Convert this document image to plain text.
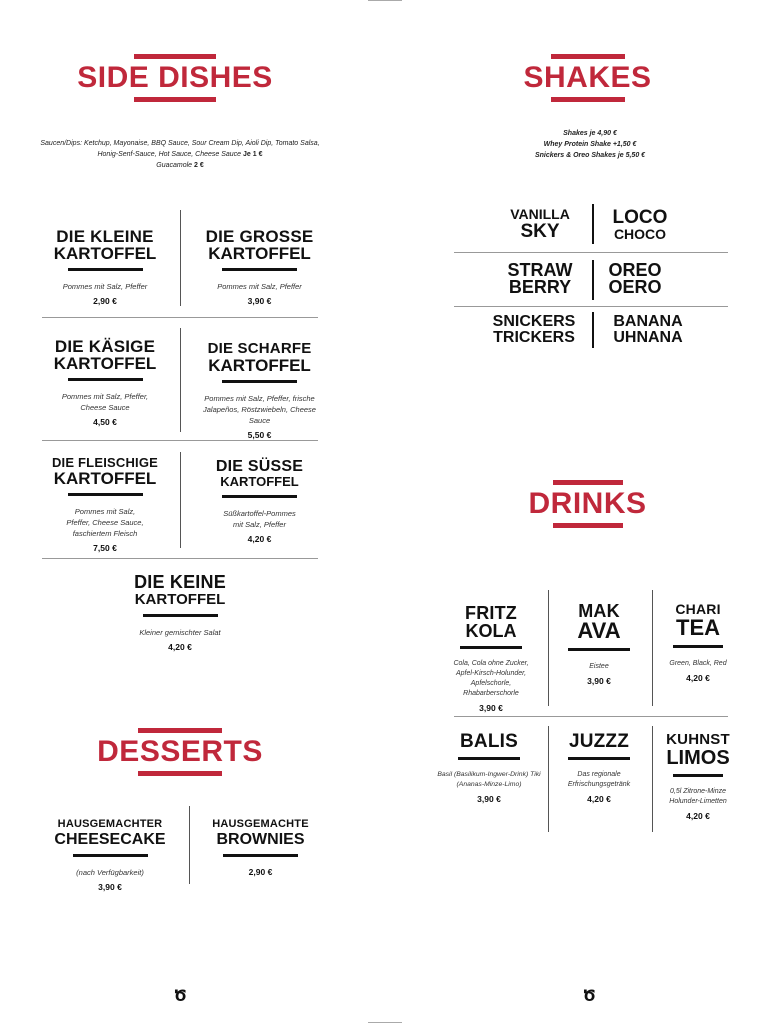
SIDE DISHES
Saucen/Dips: Ketchup, Mayonaise, BBQ Sauce, Sour Cream Dip, Aioli Dip, Tomato Salsa,
Honig-Senf-Sauce, Hot Sauce, Cheese Sauce Je 1 €
Guacamole 2 €
DIE KLEINE
KARTOFFEL
Pommes mit Salz, Pfeffer
2,90 €
DIE GROSSE
KARTOFFEL
Pommes mit Salz, Pfeffer
3,90 €
DIE KÄSIGE
KARTOFFEL
Pommes mit Salz, Pfeffer, Cheese Sauce
4,50 €
DIE SCHARFE
KARTOFFEL
Pommes mit Salz, Pfeffer, frische Jalapeños, Röstzwiebeln, Cheese Sauce
5,50 €
DIE FLEISCHIGE
KARTOFFEL
Pommes mit Salz, Pfeffer, Cheese Sauce, faschiertem Fleisch
7,50 €
DIE SÜSSE
KARTOFFEL
Süßkartoffel-Pommes mit Salz, Pfeffer
4,20 €
DIE KEINE
KARTOFFEL
Kleiner gemischter Salat
4,20 €
DESSERTS
HAUSGEMACHTER
CHEESECAKE
(nach Verfügbarkeit)
3,90 €
HAUSGEMACHTE
BROWNIES
2,90 €
SHAKES
Shakes je 4,90 €
Whey Protein Shake +1,50 €
Snickers & Oreo Shakes je 5,50 €
VANILLA
SKY
LOCO
CHOCO
STRAW
BERRY
OREO
OERO
SNICKERS
TRICKERS
BANANA
UHNANA
DRINKS
FRITZ
KOLA
Cola, Cola ohne Zucker, Apfel-Kirsch-Holunder, Apfelschorle, Rhabarberschorle
3,90 €
MAK
AVA
Eistee
3,90 €
CHARI
TEA
Green, Black, Red
4,20 €
BALIS
Basil (Basilikum-Ingwer-Drink) Tiki (Ananas-Minze-Limo)
3,90 €
JUZZZ
Das regionale Erfrischungsgetränk
4,20 €
KUHNST
LIMOS
0,5l Zitrone-Minze Holunder-Limetten
4,20 €
Ծ	Ծ
